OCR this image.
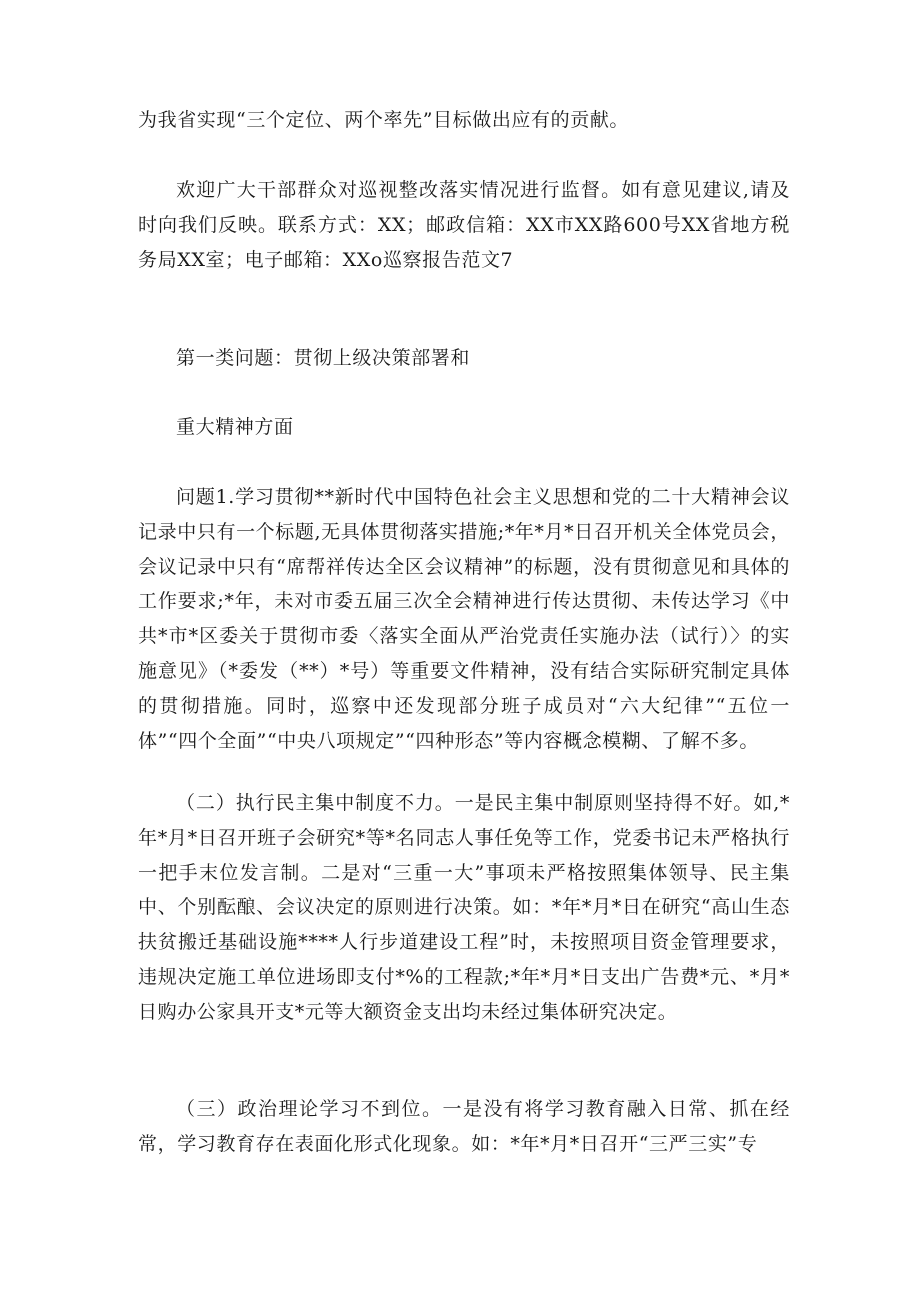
为我省实现“三个定位、两个率先”目标做出应有的贡献。

欢迎广大干部群众对巡视整改落实情况进行监督。如有意见建议,请及时向我们反映。联系方式：XX；邮政信箱：XX市XX路600号XX省地方税务局XX室；电子邮箱：XXo巡察报告范文7

第一类问题：贯彻上级决策部署和

重大精神方面

问题1.学习贯彻**新时代中国特色社会主义思想和党的二十大精神会议记录中只有一个标题,无具体贯彻落实措施;*年*月*日召开机关全体党员会，会议记录中只有“席帮祥传达全区会议精神”的标题，没有贯彻意见和具体的工作要求;*年，未对市委五届三次全会精神进行传达贯彻、未传达学习《中共*市*区委关于贯彻市委〈落实全面从严治党责任实施办法（试行）〉的实施意见》（*委发（**）*号）等重要文件精神，没有结合实际研究制定具体的贯彻措施。同时，巡察中还发现部分班子成员对“六大纪律”“五位一体”“四个全面”“中央八项规定”“四种形态”等内容概念模糊、了解不多。

（二）执行民主集中制度不力。一是民主集中制原则坚持得不好。如,*年*月*日召开班子会研究*等*名同志人事任免等工作，党委书记未严格执行一把手末位发言制。二是对“三重一大”事项未严格按照集体领导、民主集中、个别酝酿、会议决定的原则进行决策。如：*年*月*日在研究“高山生态扶贫搬迁基础设施****人行步道建设工程”时，未按照项目资金管理要求，违规决定施工单位进场即支付*%的工程款;*年*月*日支出广告费*元、*月*日购办公家具开支*元等大额资金支出均未经过集体研究决定。

（三）政治理论学习不到位。一是没有将学习教育融入日常、抓在经常，学习教育存在表面化形式化现象。如：*年*月*日召开“三严三实”专
